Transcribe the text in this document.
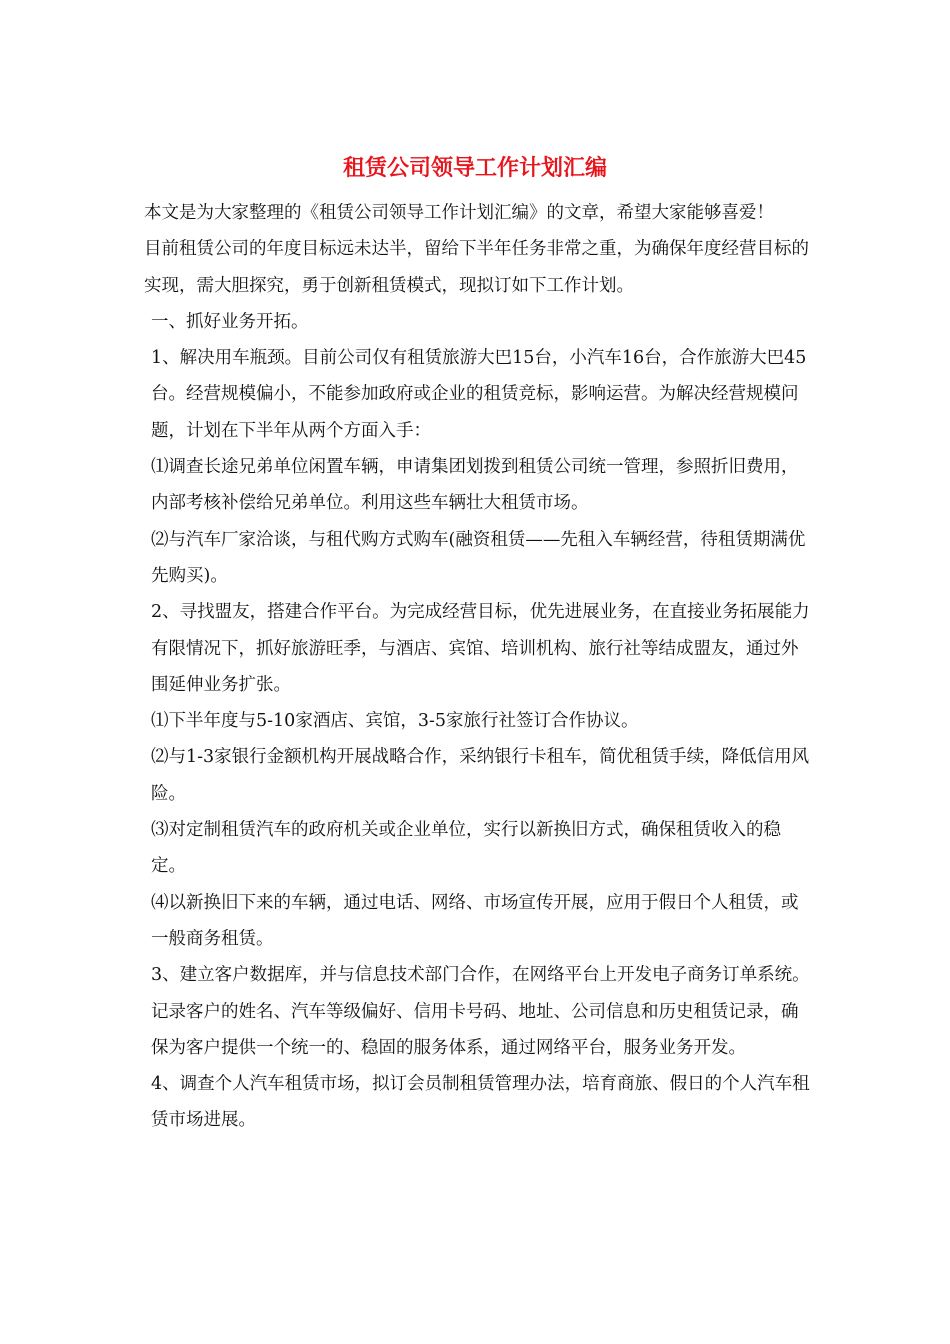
租赁公司领导工作计划汇编

本文是为大家整理的《租赁公司领导工作计划汇编》的文章，希望大家能够喜爱！

目前租赁公司的年度目标远未达半，留给下半年任务非常之重，为确保年度经营目标的实现，需大胆探究，勇于创新租赁模式，现拟订如下工作计划。

一、抓好业务开拓。

1、解决用车瓶颈。目前公司仅有租赁旅游大巴15台，小汽车16台，合作旅游大巴45台。经营规模偏小，不能参加政府或企业的租赁竞标，影响运营。为解决经营规模问题，计划在下半年从两个方面入手：

⑴调查长途兄弟单位闲置车辆，申请集团划拨到租赁公司统一管理，参照折旧费用，内部考核补偿给兄弟单位。利用这些车辆壮大租赁市场。

⑵与汽车厂家洽谈，与租代购方式购车(融资租赁——先租入车辆经营，待租赁期满优先购买)。

2、寻找盟友，搭建合作平台。为完成经营目标，优先进展业务，在直接业务拓展能力有限情况下，抓好旅游旺季，与酒店、宾馆、培训机构、旅行社等结成盟友，通过外围延伸业务扩张。

⑴下半年度与5-10家酒店、宾馆，3-5家旅行社签订合作协议。

⑵与1-3家银行金额机构开展战略合作，采纳银行卡租车，简优租赁手续，降低信用风险。

⑶对定制租赁汽车的政府机关或企业单位，实行以新换旧方式，确保租赁收入的稳定。

⑷以新换旧下来的车辆，通过电话、网络、市场宣传开展，应用于假日个人租赁，或一般商务租赁。

3、建立客户数据库，并与信息技术部门合作，在网络平台上开发电子商务订单系统。记录客户的姓名、汽车等级偏好、信用卡号码、地址、公司信息和历史租赁记录，确保为客户提供一个统一的、稳固的服务体系，通过网络平台，服务业务开发。

4、调查个人汽车租赁市场，拟订会员制租赁管理办法，培育商旅、假日的个人汽车租赁市场进展。
